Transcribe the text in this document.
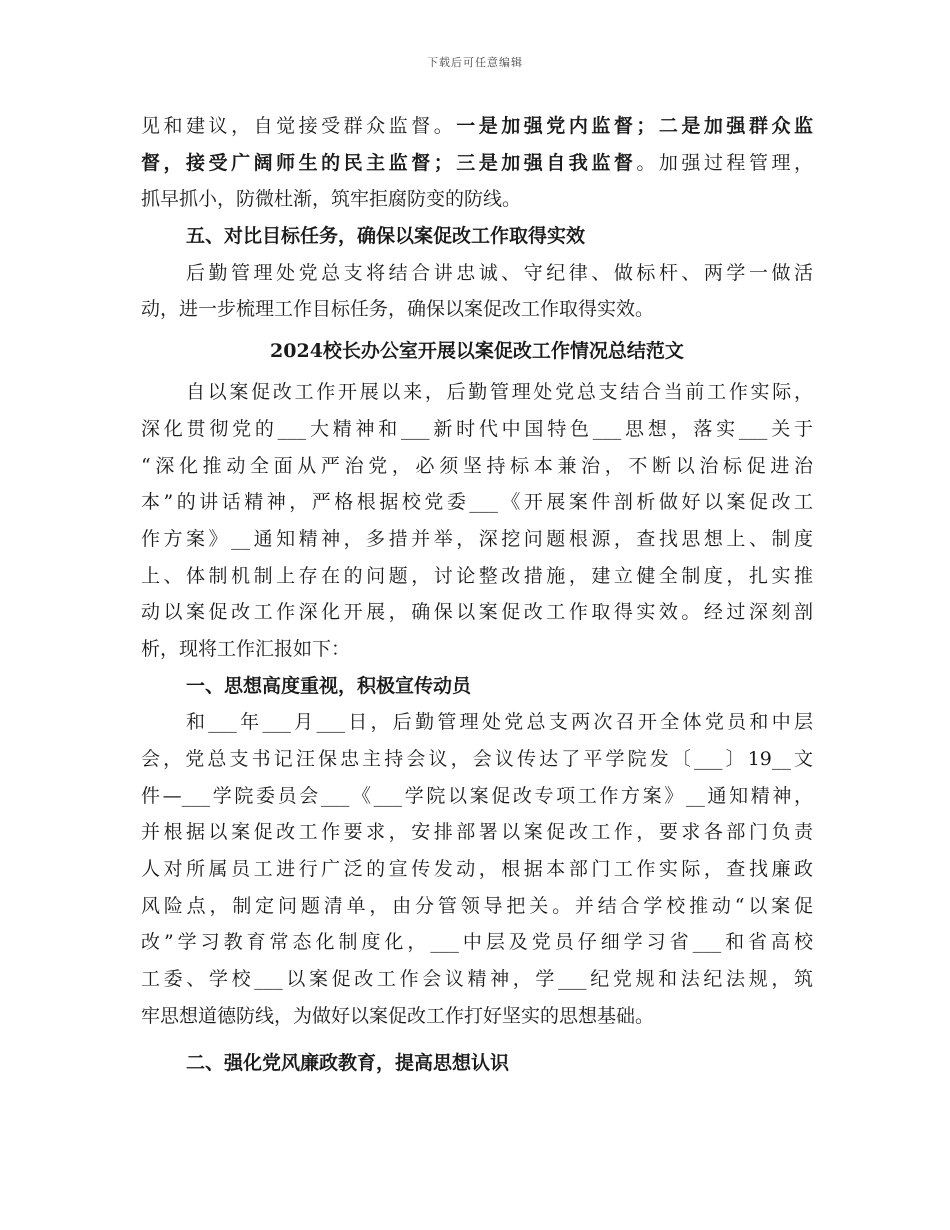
下载后可任意编辑
见和建议，自觉接受群众监督。一是加强党内监督；二是加强群众监
督，接受广阔师生的民主监督；三是加强自我监督。加强过程管理，
抓早抓小，防微杜渐，筑牢拒腐防变的防线。
五、对比目标任务，确保以案促改工作取得实效
后勤管理处党总支将结合讲忠诚、守纪律、做标杆、两学一做活
动，进一步梳理工作目标任务，确保以案促改工作取得实效。
2024校长办公室开展以案促改工作情况总结范文
自以案促改工作开展以来，后勤管理处党总支结合当前工作实际，
深化贯彻党的___大精神和___新时代中国特色___思想，落实___关于
“深化推动全面从严治党，必须坚持标本兼治，不断以治标促进治
本”的讲话精神，严格根据校党委___《开展案件剖析做好以案促改工
作方案》__通知精神，多措并举，深挖问题根源，查找思想上、制度
上、体制机制上存在的问题，讨论整改措施，建立健全制度，扎实推
动以案促改工作深化开展，确保以案促改工作取得实效。经过深刻剖
析，现将工作汇报如下：
一、思想高度重视，积极宣传动员
和___年___月___日，后勤管理处党总支两次召开全体党员和中层
会，党总支书记汪保忠主持会议，会议传达了平学院发〔___〕19__文
件—___学院委员会___《___学院以案促改专项工作方案》__通知精神，
并根据以案促改工作要求，安排部署以案促改工作，要求各部门负责
人对所属员工进行广泛的宣传发动，根据本部门工作实际，查找廉政
风险点，制定问题清单，由分管领导把关。并结合学校推动“以案促
改”学习教育常态化制度化，___中层及党员仔细学习省___和省高校
工委、学校___以案促改工作会议精神，学___纪党规和法纪法规，筑
牢思想道德防线，为做好以案促改工作打好坚实的思想基础。
二、强化党风廉政教育，提高思想认识
